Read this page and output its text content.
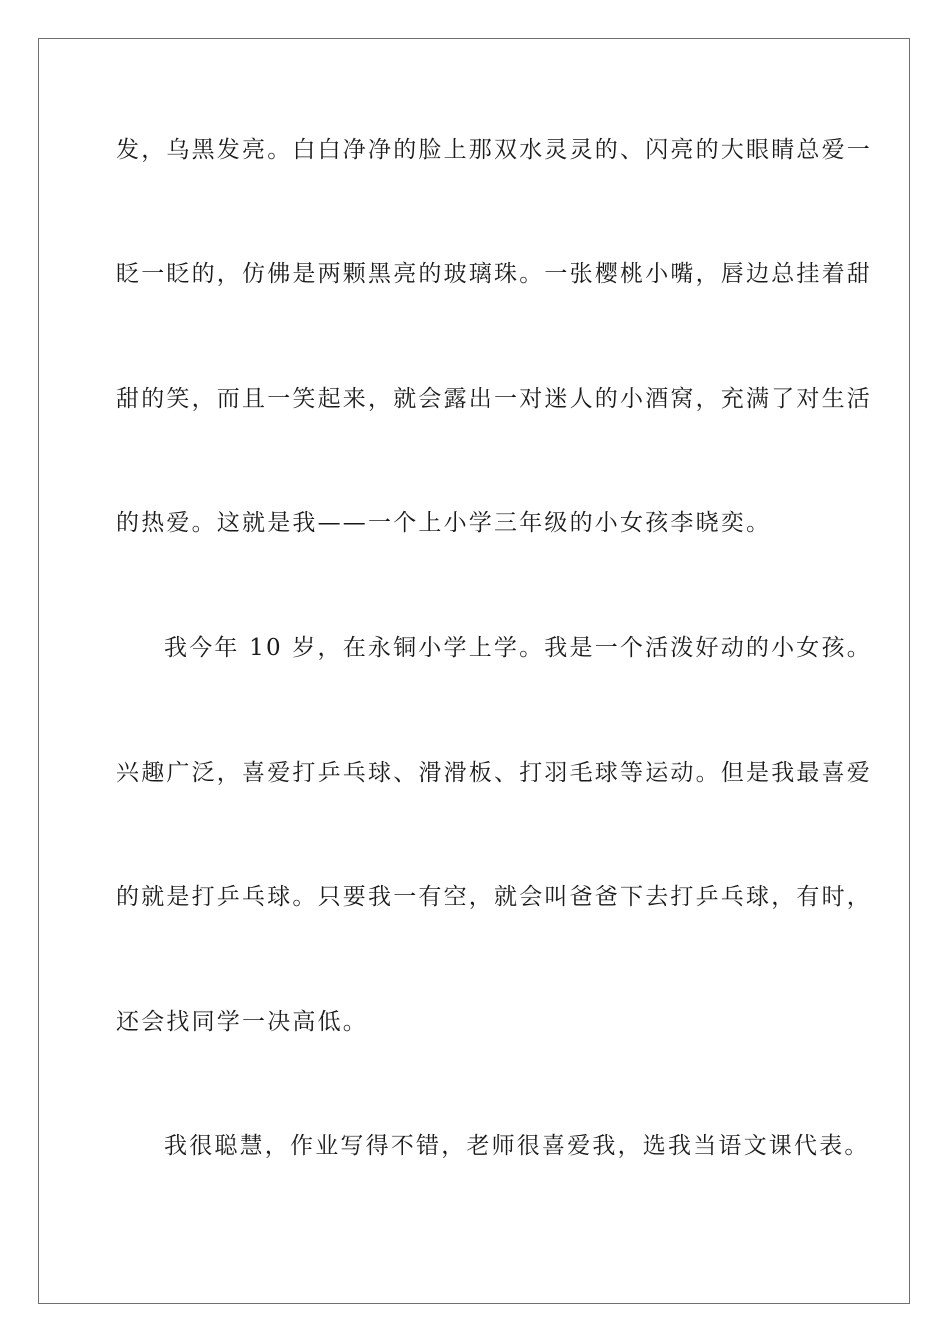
发，乌黑发亮。白白净净的脸上那双水灵灵的、闪亮的大眼睛总爱一
眨一眨的，仿佛是两颗黑亮的玻璃珠。一张樱桃小嘴，唇边总挂着甜
甜的笑，而且一笑起来，就会露出一对迷人的小酒窝，充满了对生活
的热爱。这就是我——一个上小学三年级的小女孩李晓奕。
我今年 10 岁，在永铜小学上学。我是一个活泼好动的小女孩。
兴趣广泛，喜爱打乒乓球、滑滑板、打羽毛球等运动。但是我最喜爱
的就是打乒乓球。只要我一有空，就会叫爸爸下去打乒乓球，有时，
还会找同学一决高低。
我很聪慧，作业写得不错，老师很喜爱我，选我当语文课代表。
